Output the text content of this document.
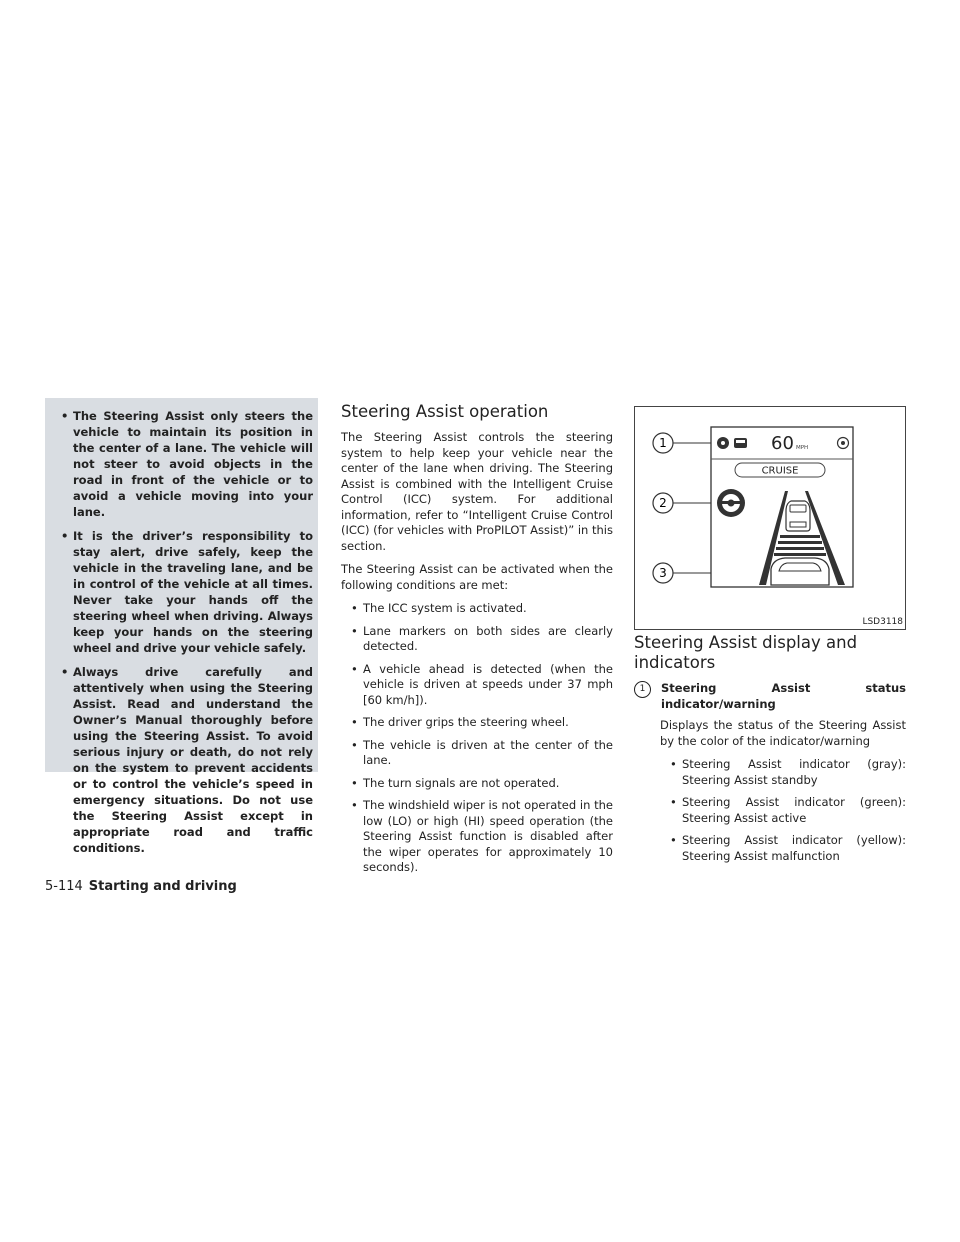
• The Steering Assist only steers the vehicle to maintain its position in the center of a lane. The vehicle will not steer to avoid objects in the road in front of the vehicle or to avoid a vehicle moving into your lane.
• It is the driver’s responsibility to stay alert, drive safely, keep the vehicle in the traveling lane, and be in control of the vehicle at all times. Never take your hands off the steering wheel when driving. Always keep your hands on the steering wheel and drive your vehicle safely.
• Always drive carefully and attentively when using the Steering Assist. Read and understand the Owner’s Manual thoroughly before using the Steering Assist. To avoid serious injury or death, do not rely on the system to prevent accidents or to control the vehicle’s speed in emergency situations. Do not use the Steering Assist except in appropriate road and traffic conditions.
Steering Assist operation

The Steering Assist controls the steering system to help keep your vehicle near the center of the lane when driving. The Steering Assist is combined with the Intelligent Cruise Control (ICC) system. For additional information, refer to “Intelligent Cruise Control (ICC) (for vehicles with ProPILOT Assist)” in this section.

The Steering Assist can be activated when the following conditions are met:

• The ICC system is activated.
• Lane markers on both sides are clearly detected.
• A vehicle ahead is detected (when the vehicle is driven at speeds under 37 mph [60 km/h]).
• The driver grips the steering wheel.
• The vehicle is driven at the center of the lane.
• The turn signals are not operated.
• The windshield wiper is not operated in the low (LO) or high (HI) speed operation (the Steering Assist function is disabled after the wiper operates for approximately 10 seconds).
1
2
3
60 MPH
CRUISE
LSD3118
Steering Assist display and indicators
1	Steering Assist status indicator/warning

Displays the status of the Steering Assist by the color of the indicator/warning

• Steering Assist indicator (gray): Steering Assist standby
• Steering Assist indicator (green): Steering Assist active
• Steering Assist indicator (yellow): Steering Assist malfunction
5-114 Starting and driving
